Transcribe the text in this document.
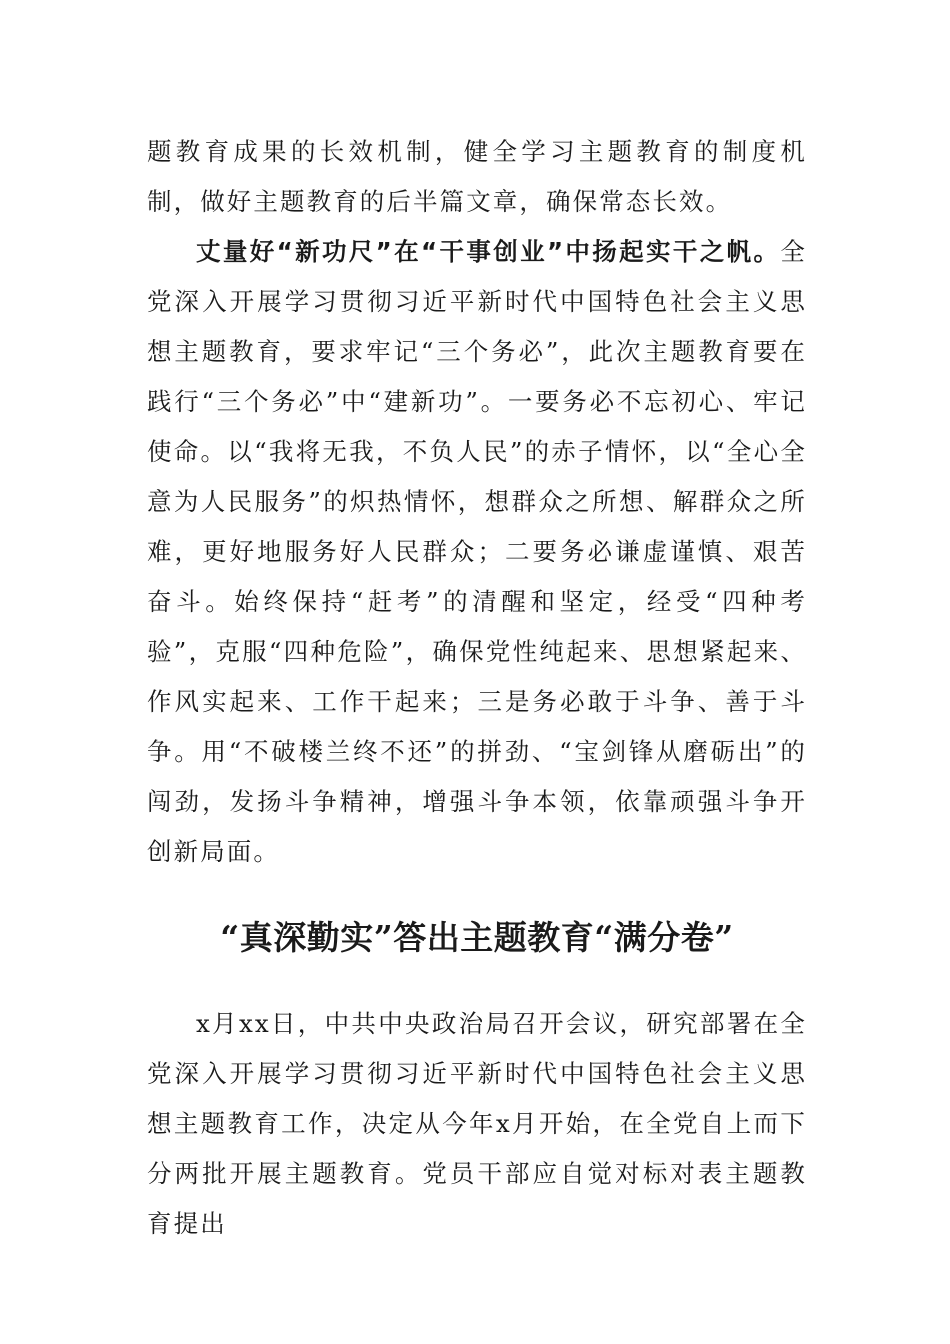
题教育成果的长效机制，健全学习主题教育的制度机制，做好主题教育的后半篇文章，确保常态长效。

丈量好“新功尺”在“干事创业”中扬起实干之帆。全党深入开展学习贯彻习近平新时代中国特色社会主义思想主题教育，要求牢记“三个务必”，此次主题教育要在践行“三个务必”中“建新功”。一要务必不忘初心、牢记使命。以“我将无我，不负人民”的赤子情怀，以“全心全意为人民服务”的炽热情怀，想群众之所想、解群众之所难，更好地服务好人民群众；二要务必谦虚谨慎、艰苦奋斗。始终保持“赶考”的清醒和坚定，经受“四种考验”，克服“四种危险”，确保党性纯起来、思想紧起来、作风实起来、工作干起来；三是务必敢于斗争、善于斗争。用“不破楼兰终不还”的拼劲、“宝剑锋从磨砺出”的闯劲，发扬斗争精神，增强斗争本领，依靠顽强斗争开创新局面。

“真深勤实”答出主题教育“满分卷”

x月xx日，中共中央政治局召开会议，研究部署在全党深入开展学习贯彻习近平新时代中国特色社会主义思想主题教育工作，决定从今年x月开始，在全党自上而下分两批开展主题教育。党员干部应自觉对标对表主题教育提出
